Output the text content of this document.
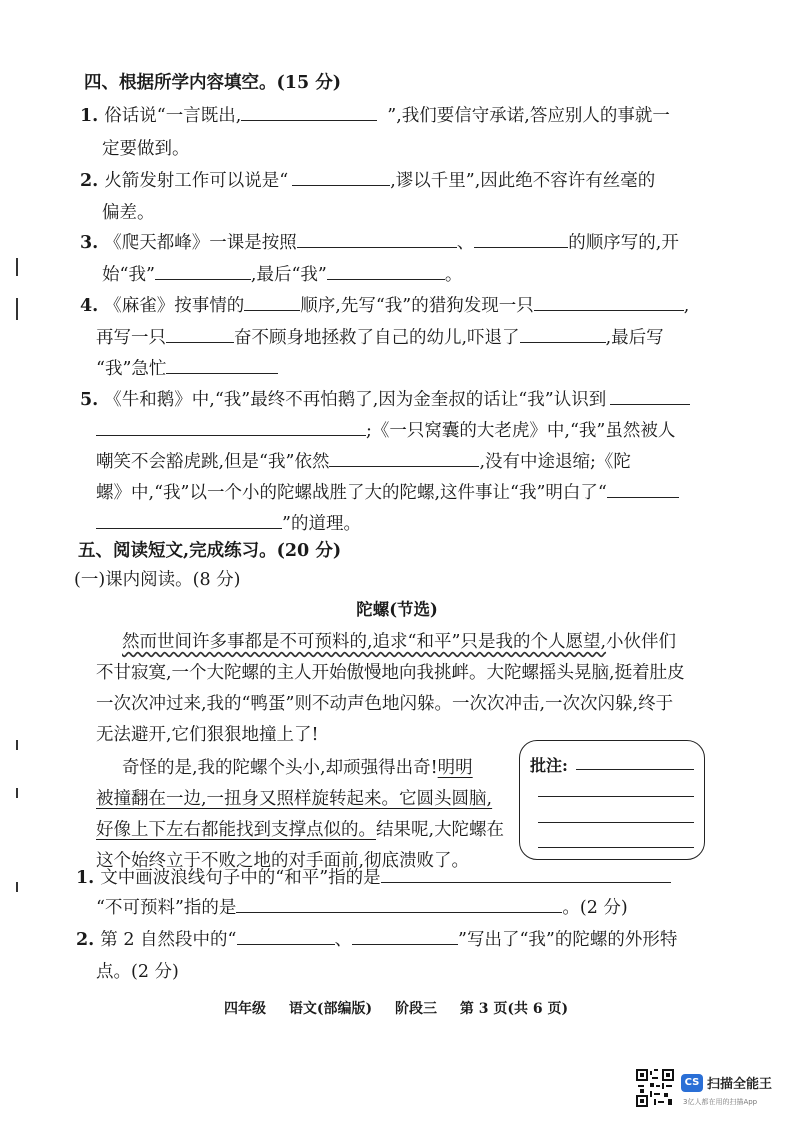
四、根据所学内容填空。(15 分)
1. 俗话说“一言既出,	”,我们要信守承诺,答应别人的事就一
定要做到。
2. 火箭发射工作可以说是“	,谬以千里”,因此绝不容许有丝毫的
偏差。
3. 《爬天都峰》一课是按照	、	的顺序写的,开
始“我”	,最后“我”	。
4. 《麻雀》按事情的	顺序,先写“我”的猎狗发现一只	,
再写一只	奋不顾身地拯救了自己的幼儿,吓退了	,最后写
“我”急忙
5. 《牛和鹅》中,“我”最终不再怕鹅了,因为金奎叔的话让“我”认识到
;《一只窝囊的大老虎》中,“我”虽然被人
嘲笑不会豁虎跳,但是“我”依然	,没有中途退缩;《陀
螺》中,“我”以一个小的陀螺战胜了大的陀螺,这件事让“我”明白了“
”的道理。
五、阅读短文,完成练习。(20 分)
(一)课内阅读。(8 分)
陀螺(节选)
然而世间许多事都是不可预料的,追求“和平”只是我的个人愿望,小伙伴们
不甘寂寞,一个大陀螺的主人开始傲慢地向我挑衅。大陀螺摇头晃脑,挺着肚皮
一次次冲过来,我的“鸭蛋”则不动声色地闪躲。一次次冲击,一次次闪躲,终于
无法避开,它们狠狠地撞上了!
奇怪的是,我的陀螺个头小,却顽强得出奇!明明
被撞翻在一边,一扭身又照样旋转起来。它圆头圆脑,
好像上下左右都能找到支撑点似的。结果呢,大陀螺在
这个始终立于不败之地的对手面前,彻底溃败了。
批注:
1. 文中画波浪线句子中的“和平”指的是
“不可预料”指的是	。(2 分)
2. 第 2 自然段中的“	、	”写出了“我”的陀螺的外形特
点。(2 分)
四年级 语文(部编版) 阶段三 第 3 页(共 6 页)
CS 扫描全能王
3亿人都在用的扫描App
